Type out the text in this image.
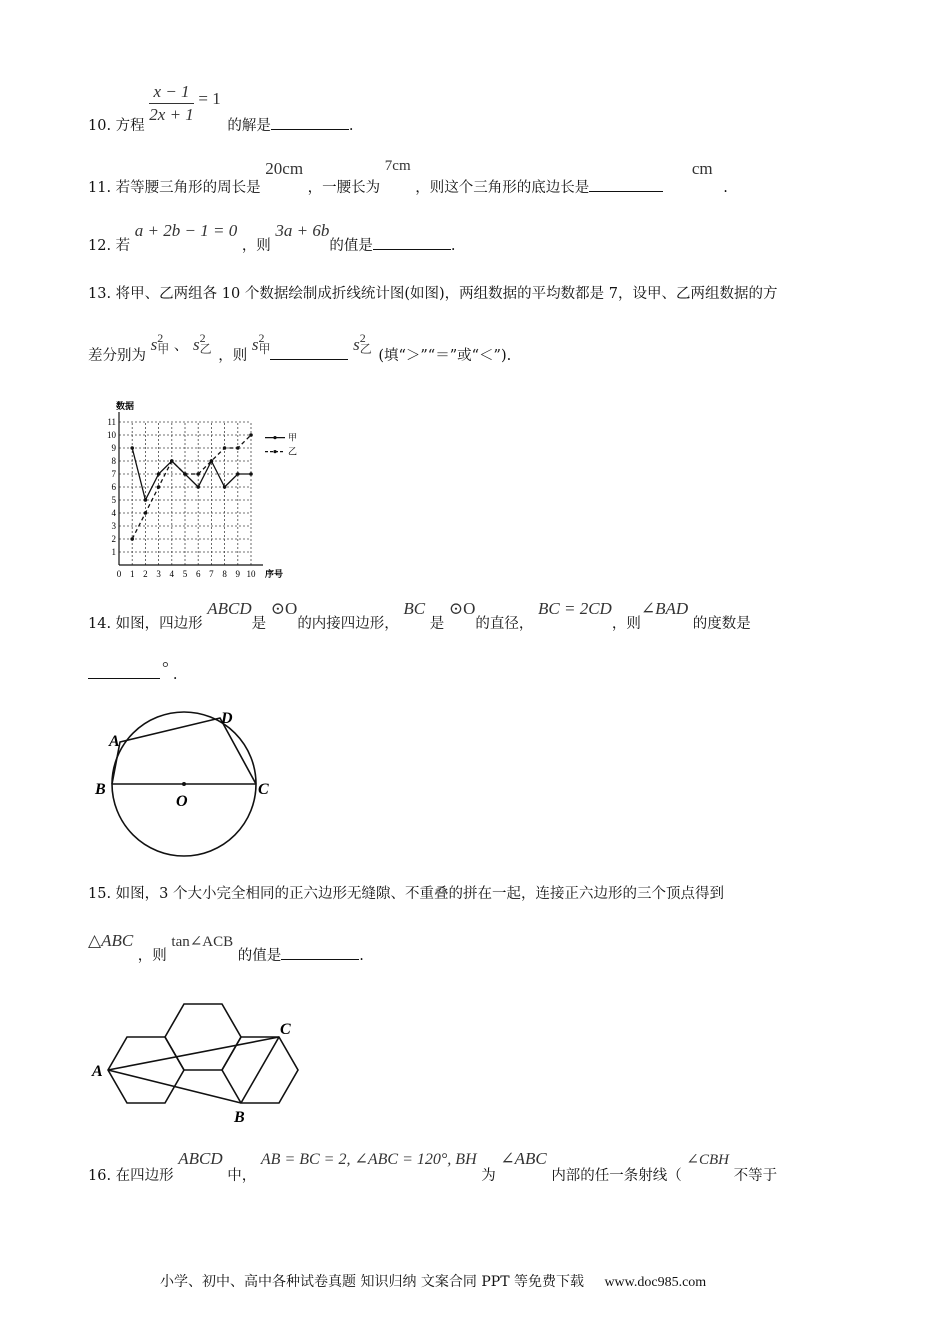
10. 方程
$\frac{x - 1}{2x + 1} = 1$ 的解是	.
11. 若等腰三角形的周长是 20cm ，一腰长为 7cm ，则这个三角形的底边长是 cm .
12. 若 a + 2b − 1 = 0 ，则 3a + 6b的值是	.
13. 将甲、乙两组各 10 个数据绘制成折线统计图(如图)，两组数据的平均数都是 7，设甲、乙两组数据的方
差分别为 $s^2$甲 、 $s^2$乙 ，则 $s^2$甲	$s^2$乙 (填“＞”“＝”或“＜”).
1
2
3
4
5
6
7
8
9
10
11
0 1 2 3 4 5 6 7 8 9 10
数据
序号
甲
乙
14. 如图，四边形 ABCD是 ⊙O的内接四边形， BC 是 ⊙O的直径， BC = 2CD，则∠BAD 的度数是
° .
A
D
B	C
O
15. 如图，3 个大小完全相同的正六边形无缝隙、不重叠的拼在一起，连接正六边形的三个顶点得到
△ABC ，则 tan∠ACB 的值是	.
A
B
C
16. 在四边形 ABCD 中， AB = BC = 2, ∠ABC = 120°, BH 为 ∠ABC 内部的任一条射线（ ∠CBH 不等于
小学、初中、高中各种试卷真题 知识归纳 文案合同 PPT 等免费下载 www.doc985.com
